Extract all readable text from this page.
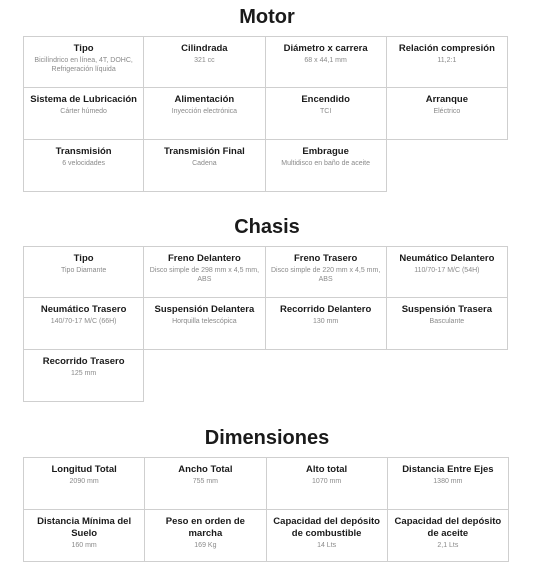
Motor
Tipo
Bicilíndrico en línea, 4T, DOHC, Refrigeración líquida
Cilindrada
321 cc
Diámetro x carrera
68 x 44,1 mm
Relación compresión
11,2:1
Sistema de Lubricación
Cárter húmedo
Alimentación
Inyección electrónica
Encendido
TCI
Arranque
Eléctrico
Transmisión
6 velocidades
Transmisión Final
Cadena
Embrague
Multidisco en baño de aceite
Chasis
Tipo
Tipo Diamante
Freno Delantero
Disco simple de 298 mm x 4,5 mm, ABS
Freno Trasero
Disco simple de 220 mm x 4,5 mm, ABS
Neumático Delantero
110/70-17 M/C (54H)
Neumático Trasero
140/70-17 M/C (66H)
Suspensión Delantera
Horquilla telescópica
Recorrido Delantero
130 mm
Suspensión Trasera
Basculante
Recorrido Trasero
125 mm
Dimensiones
Longitud Total
2090 mm
Ancho Total
755 mm
Alto total
1070 mm
Distancia Entre Ejes
1380 mm
Distancia Mínima del Suelo
160 mm
Peso en orden de marcha
169 Kg
Capacidad del depósito de combustible
14 Lts
Capacidad del depósito de aceite
2,1 Lts
